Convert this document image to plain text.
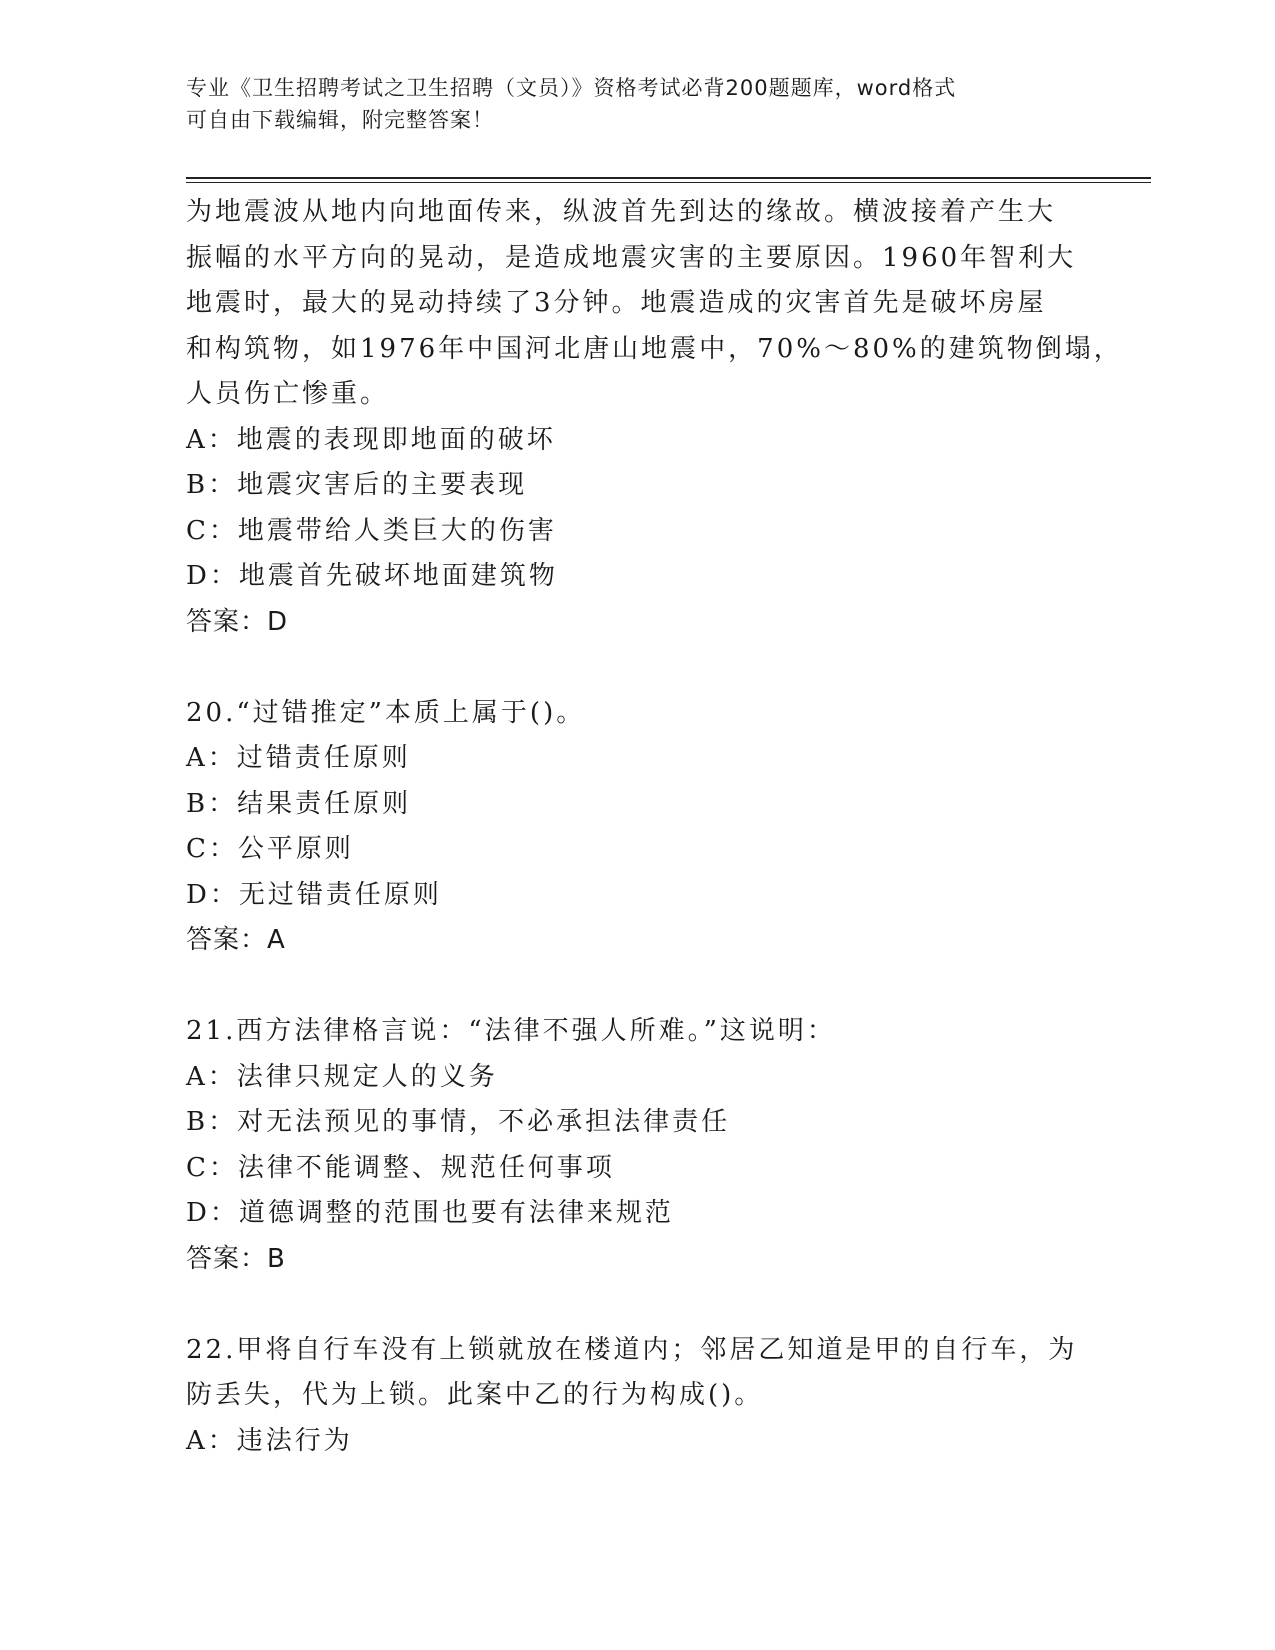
专业《卫生招聘考试之卫生招聘（文员）》资格考试必背200题题库，word格式
可自由下载编辑，附完整答案！
为地震波从地内向地面传来，纵波首先到达的缘故。横波接着产生大
振幅的水平方向的晃动，是造成地震灾害的主要原因。1960年智利大
地震时，最大的晃动持续了3分钟。地震造成的灾害首先是破坏房屋
和构筑物，如1976年中国河北唐山地震中，70%～80%的建筑物倒塌，
人员伤亡惨重。
A：地震的表现即地面的破坏
B：地震灾害后的主要表现
C：地震带给人类巨大的伤害
D：地震首先破坏地面建筑物
答案：D
20.“过错推定”本质上属于()。
A：过错责任原则
B：结果责任原则
C：公平原则
D：无过错责任原则
答案：A
21.西方法律格言说：“法律不强人所难。”这说明：
A：法律只规定人的义务
B：对无法预见的事情，不必承担法律责任
C：法律不能调整、规范任何事项
D：道德调整的范围也要有法律来规范
答案：B
22.甲将自行车没有上锁就放在楼道内；邻居乙知道是甲的自行车，为
防丢失，代为上锁。此案中乙的行为构成()。
A：违法行为
